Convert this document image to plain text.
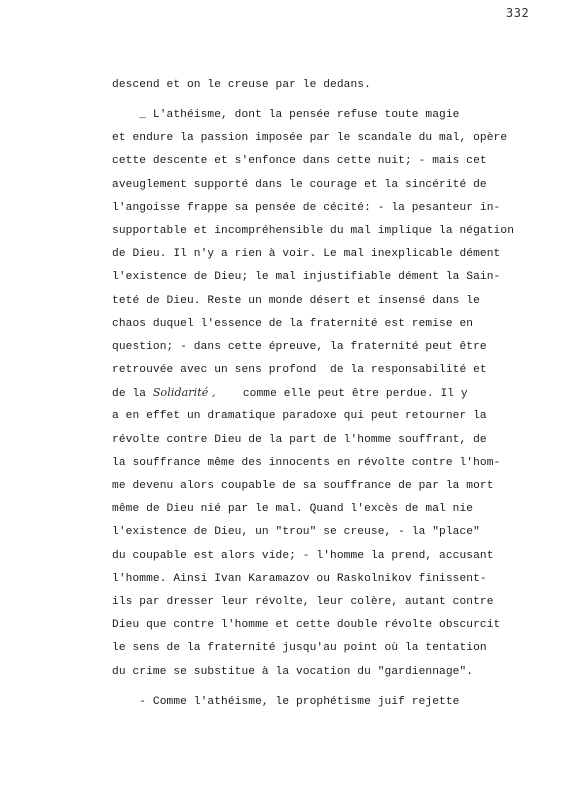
332
descend et on le creuse par le dedans.
_ L'athéisme, dont la pensée refuse toute magie
et endure la passion imposée par le scandale du mal, opère
cette descente et s'enfonce dans cette nuit; - mais cet
aveuglement supporté dans le courage et la sincérité de
l'angoisse frappe sa pensée de cécité: - la pesanteur in-
supportable et incompréhensible du mal implique la négation
de Dieu. Il n'y a rien à voir. Le mal inexplicable dément
l'existence de Dieu; le mal injustifiable dément la Sain-
teté de Dieu. Reste un monde désert et insensé dans le
chaos duquel l'essence de la fraternité est remise en
question; - dans cette épreuve, la fraternité peut être
retrouvée avec un sens profond  de la responsabilité et
de la Solidarité ,    comme elle peut être perdue. Il y
a en effet un dramatique paradoxe qui peut retourner la
révolte contre Dieu de la part de l'homme souffrant, de
la souffrance même des innocents en révolte contre l'hom-
me devenu alors coupable de sa souffrance de par la mort
même de Dieu nié par le mal. Quand l'excès de mal nie
l'existence de Dieu, un "trou" se creuse, - la "place"
du coupable est alors vide; - l'homme la prend, accusant
l'homme. Ainsi Ivan Karamazov ou Raskolnikov finissent-
ils par dresser leur révolte, leur colère, autant contre
Dieu que contre l'homme et cette double révolte obscurcit
le sens de la fraternité jusqu'au point où la tentation
du crime se substitue à la vocation du "gardiennage".
- Comme l'athéisme, le prophétisme juif rejette
